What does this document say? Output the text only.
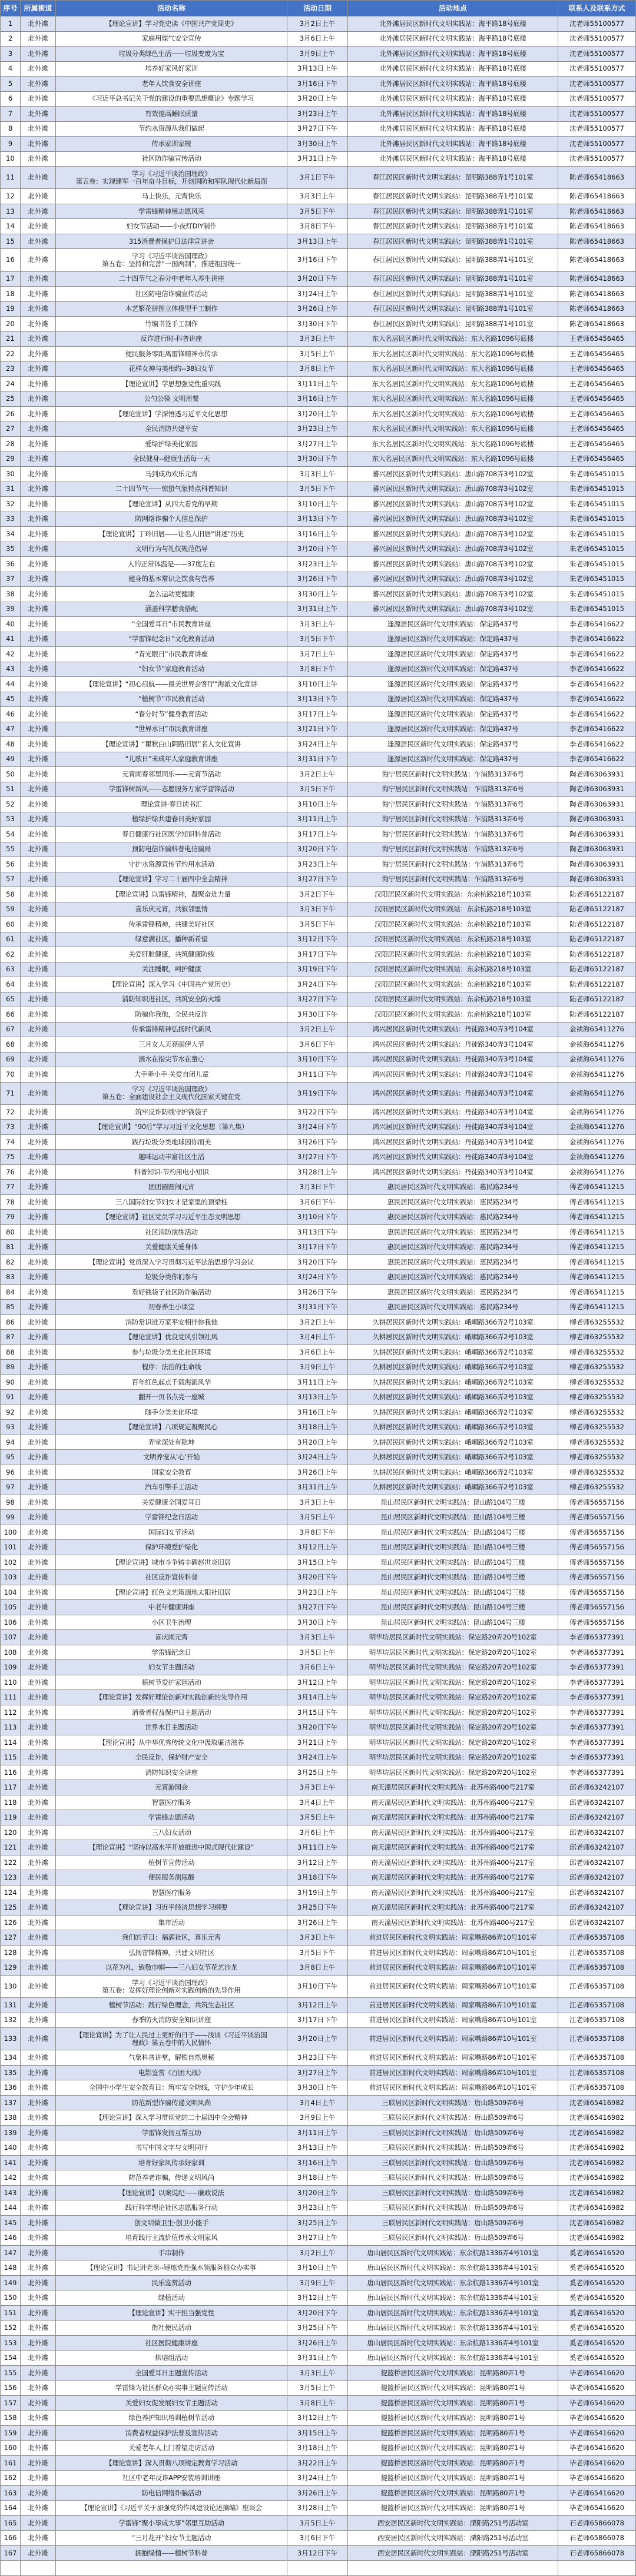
序号	所属街道	活动名称	活动日期	活动地点	联系人及联系方式
1	北外滩	【理论宣讲】学习党史读《中国共产党简史》	3月2日上午	北外滩居民区新时代文明实践站：海平路18号底楼	沈老师55100577
2	北外滩	家庭用煤气安全宣传	3月6日上午	北外滩居民区新时代文明实践站：海平路18号底楼	沈老师55100577
3	北外滩	垃圾分类绿色生活——垃圾变废为宝	3月9日上午	北外滩居民区新时代文明实践站：海平路18号底楼	沈老师55100577
4	北外滩	培养好家风好家训	3月13日上午	北外滩居民区新时代文明实践站：海平路18号底楼	沈老师55100577
5	北外滩	老年人饮食安全讲座	3月16日下午	北外滩居民区新时代文明实践站：海平路18号底楼	沈老师55100577
6	北外滩	《习近平总书记关于党的建设的重要思想概论》专题学习	3月20日上午	北外滩居民区新时代文明实践站：海平路18号底楼	沈老师55100577
7	北外滩	有效提高睡眠质量	3月23日上午	北外滩居民区新时代文明实践站：海平路18号底楼	沈老师55100577
8	北外滩	节约水资源从我们做起	3月27日下午	北外滩居民区新时代文明实践站：海平路18号底楼	沈老师55100577
9	北外滩	传承家训家规	3月30日上午	北外滩居民区新时代文明实践站：海平路18号底楼	沈老师55100577
10	北外滩	社区防诈骗宣传活动	3月31日上午	北外滩居民区新时代文明实践站：海平路18号底楼	沈老师55100577
11	北外滩	学习《习近平谈治国理政》
第五卷：实现建军一百年奋斗目标，开创国防和军队现代化新局面	3月1日下午	春江居民区新时代文明实践站：昆明路388弄1号101室	陈老师65418663
12	北外滩	马上快乐，元宵快乐	3月3日上午	春江居民区新时代文明实践站：昆明路388弄1号101室	陈老师65418663
13	北外滩	学雷锋精神展志愿风采	3月5日下午	春江居民区新时代文明实践站：昆明路388弄1号101室	陈老师65418663
14	北外滩	妇女节活动——小夜灯DIY制作	3月8日下午	春江居民区新时代文明实践站：昆明路388弄1号101室	陈老师65418663
15	北外滩	315消费者保护日法律宣讲会	3月13日上午	春江居民区新时代文明实践站：昆明路388弄1号101室	陈老师65418663
16	北外滩	学习《习近平谈治国理政》
第五卷：坚持和完善“一国两制”，推进祖国统一	3月16日下午	春江居民区新时代文明实践站：昆明路388弄1号101室	陈老师65418663
17	北外滩	二十四节气之春分中老年人养生讲座	3月20日下午	春江居民区新时代文明实践站：昆明路388弄1号101室	陈老师65418663
18	北外滩	社区防电信诈骗宣传活动	3月24日上午	春江居民区新时代文明实践站：昆明路388弄1号101室	陈老师65418663
19	北外滩	木艺繁花拼图立体模型手工制作	3月26日上午	春江居民区新时代文明实践站：昆明路388弄1号101室	陈老师65418663
20	北外滩	竹编书签手工制作	3月30日下午	春江居民区新时代文明实践站：昆明路388弄1号101室	陈老师65418663
21	北外滩	反诈进行时-科普讲座	3月3日上午	东大名居民区新时代文明实践站：东大名路1096号底楼	王老师65456465
22	北外滩	便民服务零距离雷锋精神永传承	3月5日上午	东大名居民区新时代文明实践站：东大名路1096号底楼	王老师65456465
23	北外滩	花样女神与美相约--38妇女节	3月8日上午	东大名居民区新时代文明实践站：东大名路1096号底楼	王老师65456465
24	北外滩	【理论宣讲】学思想强党性重实践	3月11日上午	东大名居民区新时代文明实践站：东大名路1096号底楼	王老师65456465
25	北外滩	公勺公筷 文明用餐	3月16日上午	东大名居民区新时代文明实践站：东大名路1096号底楼	王老师65456465
26	北外滩	【理论宣讲】学深悟透习近平文化思想	3月20日上午	东大名居民区新时代文明实践站：东大名路1096号底楼	王老师65456465
27	北外滩	全民消防共建平安	3月23日上午	东大名居民区新时代文明实践站：东大名路1096号底楼	王老师65456465
28	北外滩	爱绿护绿美化家园	3月27日上午	东大名居民区新时代文明实践站：东大名路1096号底楼	王老师65456465
29	北外滩	全民健身--健康生活每一天	3月30日下午	东大名居民区新时代文明实践站：东大名路1096号底楼	王老师65456465
30	北外滩	马到成功欢乐元宵	3月3日上午	蕃兴居民区新时代文明实践站：唐山路708弄3号102室	朱老师65451015
31	北外滩	二十四节气——惊蛰气象特点科普知识	3月5日下午	蕃兴居民区新时代文明实践站：唐山路708弄3号102室	朱老师65451015
32	北外滩	【理论宣讲】从四大看党的早期	3月10日上午	蕃兴居民区新时代文明实践站：唐山路708弄3号102室	朱老师65451015
33	北外滩	防网络诈骗个人信息保护	3月13日下午	蕃兴居民区新时代文明实践站：唐山路708弄3号102室	朱老师65451015
34	北外滩	【理论宣讲】丁玲旧居——让名人旧居“讲述”历史	3月16日上午	蕃兴居民区新时代文明实践站：唐山路708弄3号102室	朱老师65451015
35	北外滩	文明行为与礼仪规范倡导	3月20日下午	蕃兴居民区新时代文明实践站：唐山路708弄3号102室	朱老师65451015
36	北外滩	人的正常体温是——37度左右	3月23日上午	蕃兴居民区新时代文明实践站：唐山路708弄3号102室	朱老师65451015
37	北外滩	健身的基本常识之饮食与营养	3月26日下午	蕃兴居民区新时代文明实践站：唐山路708弄3号102室	朱老师65451015
38	北外滩	怎么运动更健康	3月30日上午	蕃兴居民区新时代文明实践站：唐山路708弄3号102室	朱老师65451015
39	北外滩	涵盖科学膳食搭配	3月31日上午	蕃兴居民区新时代文明实践站：唐山路708弄3号102室	朱老师65451015
40	北外滩	“全国爱耳日”市民教育讲座	3月3日上午	逢源居民区新时代文明实践站：保定路437号	李老师65416622
41	北外滩	“学雷锋纪念日”文化教育活动	3月5日下午	逢源居民区新时代文明实践站：保定路437号	李老师65416622
42	北外滩	“青光眼日”市民教育讲座	3月7日上午	逢源居民区新时代文明实践站：保定路437号	李老师65416622
43	北外滩	“妇女节”家庭教育活动	3月8日下午	逢源居民区新时代文明实践站：保定路437号	李老师65416622
44	北外滩	【理论宣讲】“初心启航——最美世界会客厅”海派文化宣讲	3月10日上午	逢源居民区新时代文明实践站：保定路437号	李老师65416622
45	北外滩	“植树节”市民教育活动	3月13日下午	逢源居民区新时代文明实践站：保定路437号	李老师65416622
46	北外滩	“春分时节”健身教育活动	3月17日上午	逢源居民区新时代文明实践站：保定路437号	李老师65416622
47	北外滩	“世界水日”市民教育讲座	3月21日下午	逢源居民区新时代文明实践站：保定路437号	李老师65416622
48	北外滩	【理论宣讲】“瞿秋白山阴路旧居”名人文化宣讲	3月24日上午	逢源居民区新时代文明实践站：保定路437号	李老师65416622
49	北外滩	“儿歌日”未成年人家庭教育讲座	3月31日下午	逢源居民区新时代文明实践站：保定路437号	李老师65416622
50	北外滩	元宵闹春邻里同乐——元宵节活动	3月2日上午	海宁居民区新时代文明实践站：乍浦路313弄6号	陶老师63063931
51	北外滩	学雷锋树新风——志愿服务万家学雷锋活动	3月5日下午	海宁居民区新时代文明实践站：乍浦路313弄6号	陶老师63063931
52	北外滩	理论宣讲·春日读书汇	3月10日上午	海宁居民区新时代文明实践站：乍浦路313弄6号	陶老师63063931
53	北外滩	植绿护绿共建春日美好家园	3月11日上午	海宁居民区新时代文明实践站：乍浦路313弄6号	陶老师63063931
54	北外滩	春日健康行社区医学知识科普活动	3月17日上午	海宁居民区新时代文明实践站：乍浦路313弄6号	陶老师63063931
55	北外滩	预防电信诈骗科普电信骗局	3月20日下午	海宁居民区新时代文明实践站：乍浦路313弄6号	陶老师63063931
56	北外滩	守护水资源宣传节约用水活动	3月23日上午	海宁居民区新时代文明实践站：乍浦路313弄6号	陶老师63063931
57	北外滩	【理论宣讲】学习二十届四中全会精神	3月27日下午	海宁居民区新时代文明实践站：乍浦路313弄6号	陶老师63063931
58	北外滩	【理论宣讲】以雷锋精神，凝聚奋进力量	3月2日下午	汉阳居民区新时代文明实践站：东余杭路218号103室	陆老师65122187
59	北外滩	喜乐庆元宵，共叙邻里情	3月3日下午	汉阳居民区新时代文明实践站：东余杭路218号103室	陆老师65122187
60	北外滩	传承雷锋精神，共建美好社区	3月5日下午	汉阳居民区新时代文明实践站：东余杭路218号103室	陆老师65122187
61	北外滩	绿意满社区，播种新希望	3月12日下午	汉阳居民区新时代文明实践站：东余杭路218号103室	陆老师65122187
62	北外滩	关爱肝脏健康，共筑健康防线	3月17日下午	汉阳居民区新时代文明实践站：东余杭路218号103室	陆老师65122187
63	北外滩	关注睡眠，呵护健康	3月19日下午	汉阳居民区新时代文明实践站：东余杭路218号103室	陆老师65122187
64	北外滩	【理论宣讲】深入学习《中国共产党历史》	3月24日下午	汉阳居民区新时代文明实践站：东余杭路218号103室	陆老师65122187
65	北外滩	消防知识进社区，共筑安全防火墙	3月27日下午	汉阳居民区新时代文明实践站：东余杭路218号103室	陆老师65122187
66	北外滩	防骗你我他，全民共反诈	3月30日下午	汉阳居民区新时代文明实践站：东余杭路218号103室	陆老师65122187
67	北外滩	传承雷锋精神弘扬时代新风	3月2日上午	鸿兴居民区新时代文明实践站：丹徒路340弄3号104室	金祯海65411276
68	北外滩	三月女人天亮丽伊人节	3月6日下午	鸿兴居民区新时代文明实践站：丹徒路340弄3号104室	金祯海65411276
69	北外滩	滴水在指尖节水在童心	3月10日下午	鸿兴居民区新时代文明实践站：丹徒路340弄3号104室	金祯海65411276
70	北外滩	大手牵小手 关爱自闭儿童	3月11日下午	鸿兴居民区新时代文明实践站：丹徒路340弄3号104室	金祯海65411276
71	北外滩	学习《习近平谈治国理政》
第五卷：全面建设社会主义现代化国家关键在党	3月19日下午	鸿兴居民区新时代文明实践站：丹徒路340弄3号104室	金祯海65411276
72	北外滩	筑牢反诈防线守护钱袋子	3月22日下午	鸿兴居民区新时代文明实践站：丹徒路340弄3号104室	金祯海65411276
73	北外滩	【理论宣讲】“90后”学习习近平文化思想（第九集）	3月24日下午	鸿兴居民区新时代文明实践站：丹徒路340弄3号104室	金祯海65411276
74	北外滩	践行垃圾分类地球因你而美	3月26日下午	鸿兴居民区新时代文明实践站：丹徒路340弄3号104室	金祯海65411276
75	北外滩	趣味运动丰富社区生活	3月27日下午	鸿兴居民区新时代文明实践站：丹徒路340弄3号104室	金祯海65411276
76	北外滩	科普知识-节约用电小知识	3月28日上午	鸿兴居民区新时代文明实践站：丹徒路340弄3号104室	金祯海65411276
77	北外滩	团团圆圆闹元宵	3月3日下午	惠民居民区新时代文明实践站：惠民路234号	傅老师65411215
78	北外滩	三八国际妇女节妇女才是家里的顶梁柱	3月6日下午	惠民居民区新时代文明实践站：惠民路234号	傅老师65411215
79	北外滩	【理论宣讲】社区党员学习习近平生态文明思想	3月10日下午	惠民居民区新时代文明实践站：惠民路234号	傅老师65411215
80	北外滩	社区消防演练活动	3月13日下午	惠民居民区新时代文明实践站：惠民路234号	傅老师65411215
81	北外滩	关爱健康关爱身体	3月17日下午	惠民居民区新时代文明实践站：惠民路234号	傅老师65411215
82	北外滩	【理论宣讲】党员深入学习贯彻习近平法治思想学习会议	3月20日下午	惠民居民区新时代文明实践站：惠民路234号	傅老师65411215
83	北外滩	垃圾分类你们参与	3月24日下午	惠民居民区新时代文明实践站：惠民路234号	傅老师65411215
84	北外滩	看好钱袋子社区防诈骗活动	3月26日下午	惠民居民区新时代文明实践站：惠民路234号	傅老师65411215
85	北外滩	初春养生小课堂	3月31日下午	惠民居民区新时代文明实践站：惠民路234号	傅老师65411215
86	北外滩	消防常识进万家平安相伴你我他	3月2日上午	久耕居民区新时代文明实践站：峨嵋路366弄2号103室	柳老师63255532
87	北外滩	【理论宣讲】优良党风引领社风	3月4日上午	久耕居民区新时代文明实践站：峨嵋路366弄2号103室	柳老师63255532
88	北外滩	参与垃圾分类美化社区环境	3月6日上午	久耕居民区新时代文明实践站：峨嵋路366弄2号103室	柳老师63255532
89	北外滩	程序：法治的生命线	3月9日上午	久耕居民区新时代文明实践站：峨嵋路366弄2号103室	柳老师63255532
90	北外滩	百年红色起点千载海派风华	3月11日上午	久耕居民区新时代文明实践站：峨嵋路366弄2号103室	柳老师63255532
91	北外滩	翻开一页书点亮一座城	3月13日上午	久耕居民区新时代文明实践站：峨嵋路366弄2号103室	柳老师63255532
92	北外滩	随手分类美化环境	3月16日上午	久耕居民区新时代文明实践站：峨嵋路366弄2号103室	柳老师63255532
93	北外滩	【理论宣讲】八项规定凝聚民心	3月18日上午	久耕居民区新时代文明实践站：峨嵋路366弄2号103室	柳老师63255532
94	北外滩	弄堂深处有乾坤	3月20日上午	久耕居民区新时代文明实践站：峨嵋路366弄2号103室	柳老师63255532
95	北外滩	文明养宠从‘心’开始	3月24日上午	久耕居民区新时代文明实践站：峨嵋路366弄2号103室	柳老师63255532
96	北外滩	国家安全教育	3月26日上午	久耕居民区新时代文明实践站：峨嵋路366弄2号103室	柳老师63255532
97	北外滩	汽车引擎手工活动	3月31日上午	久耕居民区新时代文明实践站：峨嵋路366弄2号103室	柳老师63255532
98	北外滩	关爱健康全国爱耳日	3月3日上午	昆山居民区新时代文明实践站：昆山路104号三楼	傅老师56557156
99	北外滩	学雷锋纪念日活动	3月5日上午	昆山居民区新时代文明实践站：昆山路104号三楼	傅老师56557156
100	北外滩	国际妇女节活动	3月8日下午	昆山居民区新时代文明实践站：昆山路104号三楼	傅老师56557156
101	北外滩	保护环境爱护绿化	3月12日上午	昆山居民区新时代文明实践站：昆山路104号三楼	傅老师56557156
102	北外滩	【理论宣讲】城市斗争铸丰碑赵世炎旧居	3月15日上午	昆山居民区新时代文明实践站：昆山路104号三楼	傅老师56557156
103	北外滩	社区反诈宣传科普	3月20日下午	昆山居民区新时代文明实践站：昆山路104号三楼	傅老师56557156
104	北外滩	【理论宣讲】红色文艺策源地太阳社旧居	3月23日上午	昆山居民区新时代文明实践站：昆山路104号三楼	傅老师56557156
105	北外滩	中老年健康讲座	3月27日下午	昆山居民区新时代文明实践站：昆山路104号三楼	傅老师56557156
106	北外滩	小区卫生治理	3月30日上午	昆山居民区新时代文明实践站：昆山路104号三楼	傅老师56557156
107	北外滩	喜庆闹元宵	3月3日上午	明华坊居民区新时代文明实践站：保定路20弄20号102室	李老师65377391
108	北外滩	学雷锋纪念日	3月5日上午	明华坊居民区新时代文明实践站：保定路20弄20号102室	李老师65377391
109	北外滩	妇女节主题活动	3月6日上午	明华坊居民区新时代文明实践站：保定路20弄20号102室	李老师65377391
110	北外滩	植树节爱护家园活动	3月12日上午	明华坊居民区新时代文明实践站：保定路20弄20号102室	李老师65377391
111	北外滩	【理论宣讲】发挥好理论创新对实践创新的先导作用	3月14日上午	明华坊居民区新时代文明实践站：保定路20弄20号102室	李老师65377391
112	北外滩	消费者权益保护日主题活动	3月15日下午	明华坊居民区新时代文明实践站：保定路20弄20号102室	李老师65377391
113	北外滩	世界水日主题活动	3月20日下午	明华坊居民区新时代文明实践站：保定路20弄20号102室	李老师65377391
114	北外滩	【理论宣讲】从中华优秀传统文化中汲取廉洁滋养	3月21日上午	明华坊居民区新时代文明实践站：保定路20弄20号102室	李老师65377391
115	北外滩	全民反诈，保护财产安全	3月24日上午	明华坊居民区新时代文明实践站：保定路20弄20号102室	李老师65377391
116	北外滩	消防知识安全讲座	3月25日上午	明华坊居民区新时代文明实践站：保定路20弄20号102室	李老师65377391
117	北外滩	元宵游园会	3月3日上午	南天潼居民区新时代文明实践站：北苏州路400号217室	邱老师63242107
118	北外滩	智慧医疗服务	3月4日上午	南天潼居民区新时代文明实践站：北苏州路400号217室	邱老师63242107
119	北外滩	学雷锋志愿活动	3月5日上午	南天潼居民区新时代文明实践站：北苏州路400号217室	邱老师63242107
120	北外滩	三八妇女活动	3月6日上午	南天潼居民区新时代文明实践站：北苏州路400号217室	邱老师63242107
121	北外滩	【理论宣讲】“坚持以高水平开放推进中国式现代化建设”	3月11日上午	南天潼居民区新时代文明实践站：北苏州路400号217室	邱老师63242107
122	北外滩	植树节宣传活动	3月12日上午	南天潼居民区新时代文明实践站：北苏州路400号217室	邱老师63242107
123	北外滩	便民服务测尿酸	3月18日下午	南天潼居民区新时代文明实践站：北苏州路400号217室	邱老师63242107
124	北外滩	智慧医疗服务	3月19日上午	南天潼居民区新时代文明实践站：北苏州路400号217室	邱老师63242107
125	北外滩	【理论宣讲】习近平经济思想学习纲要	3月25日下午	南天潼居民区新时代文明实践站：北苏州路400号217室	邱老师63242107
126	北外滩	集市活动	3月26日上午	南天潼居民区新时代文明实践站：北苏州路400号217室	邱老师63242107
127	北外滩	我们的节日：福满社区，喜乐元宵	3月3日上午	前进居民区新时代文明实践站：周家嘴路86弄10号101室	江老师65357108
128	北外滩	弘扬雷锋精神，共建文明社区	3月5日下午	前进居民区新时代文明实践站：周家嘴路86弄10号101室	江老师65357108
129	北外滩	以花为礼，致敬巾帼——三八妇女节花艺沙龙	3月8日上午	前进居民区新时代文明实践站：周家嘴路86弄10号101室	江老师65357108
130	北外滩	学习《习近平谈治国理政》
第五卷：发挥好理论创新对实践创新的先导作用	3月10日下午	前进居民区新时代文明实践站：周家嘴路86弄10号101室	江老师65357108
131	北外滩	植树节活动：践行绿色理念，共筑生态社区	3月12日上午	前进居民区新时代文明实践站：周家嘴路86弄10号101室	江老师65357108
132	北外滩	春季防火消防安全知识讲座	3月17日下午	前进居民区新时代文明实践站：周家嘴路86弄10号101室	江老师65357108
133	北外滩	【理论宣讲】为了让人民过上更好的日子——浅谈《习近平谈治国
理政》第五卷中的人民情怀	3月20日上午	前进居民区新时代文明实践站：周家嘴路86弄10号101室	江老师65357108
134	北外滩	气象科普讲堂，解锁自然奥秘	3月23日下午	前进居民区新时代文明实践站：周家嘴路86弄10号101室	江老师65357108
135	北外滩	电影鉴赏《百团大战》	3月27日上午	前进居民区新时代文明实践站：周家嘴路86弄10号101室	江老师65357108
136	北外滩	全国中小学生安全教育日：筑牢安全防线，守护少年成长	3月30日上午	前进居民区新时代文明实践站：周家嘴路86弄10号101室	江老师65357108
137	北外滩	防范新型诈骗传递文明风尚	3月4日上午	三联居民区新时代文明实践站：唐山路509弄6号	沈老师65416982
138	北外滩	【理论宣讲】深入学习贯彻党的二十届四中全会精神	3月9日上午	三联居民区新时代文明实践站：唐山路509弄6号	沈老师65416982
139	北外滩	学雷锋发扬互帮互助	3月11日上午	三联居民区新时代文明实践站：唐山路509弄6号	沈老师65416982
140	北外滩	书写中国文字与文明同行	3月13日上午	三联居民区新时代文明实践站：唐山路509弄6号	沈老师65416982
141	北外滩	培育好家风传承好家训	3月16日上午	三联居民区新时代文明实践站：唐山路509弄6号	沈老师65416982
142	北外滩	防范养老诈骗，传递文明风尚	3月18日上午	三联居民区新时代文明实践站：唐山路509弄6号	沈老师65416982
143	北外滩	【理论宣讲】以案说纪——廉政说法	3月20日上午	三联居民区新时代文明实践站：唐山路509弄6号	沈老师65416982
144	北外滩	践行科学理论社区志愿服务行动	3月23日上午	三联居民区新时代文明实践站：唐山路509弄6号	沈老师65416982
145	北外滩	创文明做卫生·创卫小能手	3月25日上午	三联居民区新时代文明实践站：唐山路509弄6号	沈老师65416982
146	北外滩	培育践行主流价值传承文明家风	3月27日上午	三联居民区新时代文明实践站：唐山路509弄6号	沈老师65416982
147	北外滩	手串制作	3月2日上午	唐山居民区新时代文明实践站：东余杭路1336弄4号101室	奚老师65416520
148	北外滩	【理论宣讲】书记讲党课--锤炼党性强本领服务群众办实事	3月10日上午	唐山居民区新时代文明实践站：东余杭路1336弄4号101室	奚老师65416520
149	北外滩	民乐鉴赏活动	3月9日上午	唐山居民区新时代文明实践站：东余杭路1336弄4号101室	奚老师65416520
150	北外滩	绿植活动	3月12日上午	唐山居民区新时代文明实践站：东余杭路1336弄4号101室	奚老师65416520
151	北外滩	【理论宣讲】实干担当强党性	3月20日下午	唐山居民区新时代文明实践站：东余杭路1336弄4号101室	奚老师65416520
152	北外滩	街社便民活动	3月25日下午	唐山居民区新时代文明实践站：东余杭路1336弄4号101室	奚老师65416520
153	北外滩	社区医院健康讲座	3月26日上午	唐山居民区新时代文明实践站：东余杭路1336弄4号101室	奚老师65416520
154	北外滩	烘培组活动	3月31日上午	唐山居民区新时代文明实践站：东余杭路1336弄4号101室	奚老师65416520
155	北外滩	全国爱耳日主题宣传活动	3月3日上午	提篮桥居民区新时代文明实践站：昆明路80弄1号	毕老师65416620
156	北外滩	学雷锋为社区群众办实事主题宣传活动	3月5日上午	提篮桥居民区新时代文明实践站：昆明路80弄1号	毕老师65416620
157	北外滩	关爱妇女促发展妇女节主题活动	3月8日上午	提篮桥居民区新时代文明实践站：昆明路80弄1号	毕老师65416620
158	北外滩	绿色养护知识培训植树节活动	3月12日上午	提篮桥居民区新时代文明实践站：昆明路80弄1号	毕老师65416620
159	北外滩	消费者权益保护法普及宣传活动	3月15日上午	提篮桥居民区新时代文明实践站：昆明路80弄1号	毕老师65416620
160	北外滩	关爱老年人上门看望走访活动	3月18日上午	提篮桥居民区新时代文明实践站：昆明路80弄1号	毕老师65416620
161	北外滩	【理论宣讲】深入贯彻八项规定教育学习活动	3月22日上午	提篮桥居民区新时代文明实践站：昆明路80弄1号	毕老师65416620
162	北外滩	社区中老年反诈APP安装培训讲座	3月24日上午	提篮桥居民区新时代文明实践站：昆明路80弄1号	毕老师65416620
163	北外滩	防电信网络诈骗活动	3月26日上午	提篮桥居民区新时代文明实践站：昆明路80弄1号	毕老师65416620
164	北外滩	【理论宣讲】《习近平关于加强党的作风建设论述摘编》座谈会	3月28日上午	提篮桥居民区新时代文明实践站：昆明路80弄1号	毕老师65416620
165	北外滩	学雷锋“聚小事成大事”邻里互助活动	3月5日上午	西安居民区新时代文明实践站：溧阳路251号活动室	石老师65866078
166	北外滩	“三月花开”妇女节主题活动	3月6日下午	西安居民区新时代文明实践站：溧阳路251号活动室	石老师65866078
167	北外滩	拥抱绿植——植树节科普	3月12日下午	西安居民区新时代文明实践站：溧阳路251号活动室	石老师65866078
